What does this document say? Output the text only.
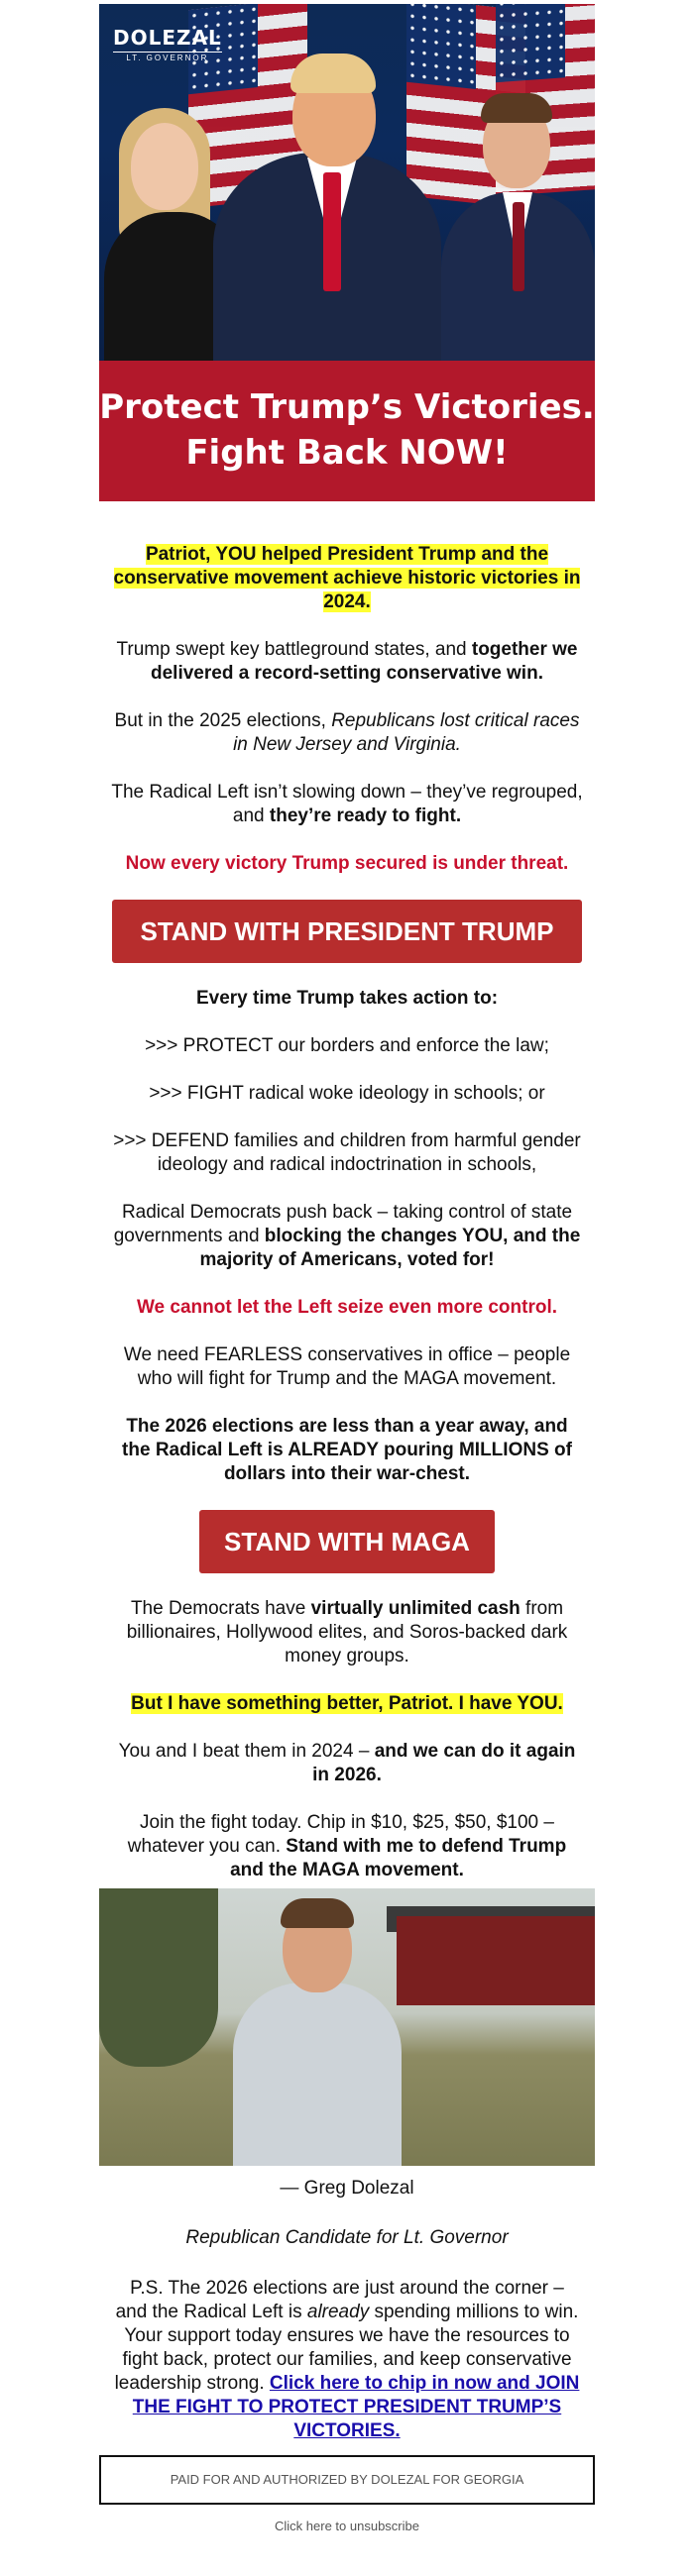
DOLEZAL
LT. GOVERNOR
Protect Trump’s Victories.
Fight Back NOW!

Patriot, YOU helped President Trump and the conservative movement achieve historic victories in 2024.

Trump swept key battleground states, and together we delivered a record-setting conservative win.

But in the 2025 elections, Republicans lost critical races in New Jersey and Virginia.

The Radical Left isn’t slowing down – they’ve regrouped, and they’re ready to fight.

Now every victory Trump secured is under threat.

STAND WITH PRESIDENT TRUMP

Every time Trump takes action to:

>>> PROTECT our borders and enforce the law;

>>> FIGHT radical woke ideology in schools; or

>>> DEFEND families and children from harmful gender ideology and radical indoctrination in schools,

Radical Democrats push back – taking control of state governments and blocking the changes YOU, and the majority of Americans, voted for!

We cannot let the Left seize even more control.

We need FEARLESS conservatives in office – people who will fight for Trump and the MAGA movement.

The 2026 elections are less than a year away, and the Radical Left is ALREADY pouring MILLIONS of dollars into their war-chest.

STAND WITH MAGA

The Democrats have virtually unlimited cash from billionaires, Hollywood elites, and Soros-backed dark money groups.

But I have something better, Patriot. I have YOU.

You and I beat them in 2024 – and we can do it again in 2026.

Join the fight today. Chip in $10, $25, $50, $100 – whatever you can. Stand with me to defend Trump and the MAGA movement.

— Greg Dolezal
Republican Candidate for Lt. Governor
P.S. The 2026 elections are just around the corner – and the Radical Left is already spending millions to win. Your support today ensures we have the resources to fight back, protect our families, and keep conservative leadership strong. Click here to chip in now and JOIN THE FIGHT TO PROTECT PRESIDENT TRUMP’S VICTORIES.
PAID FOR AND AUTHORIZED BY DOLEZAL FOR GEORGIA
Click here to unsubscribe
